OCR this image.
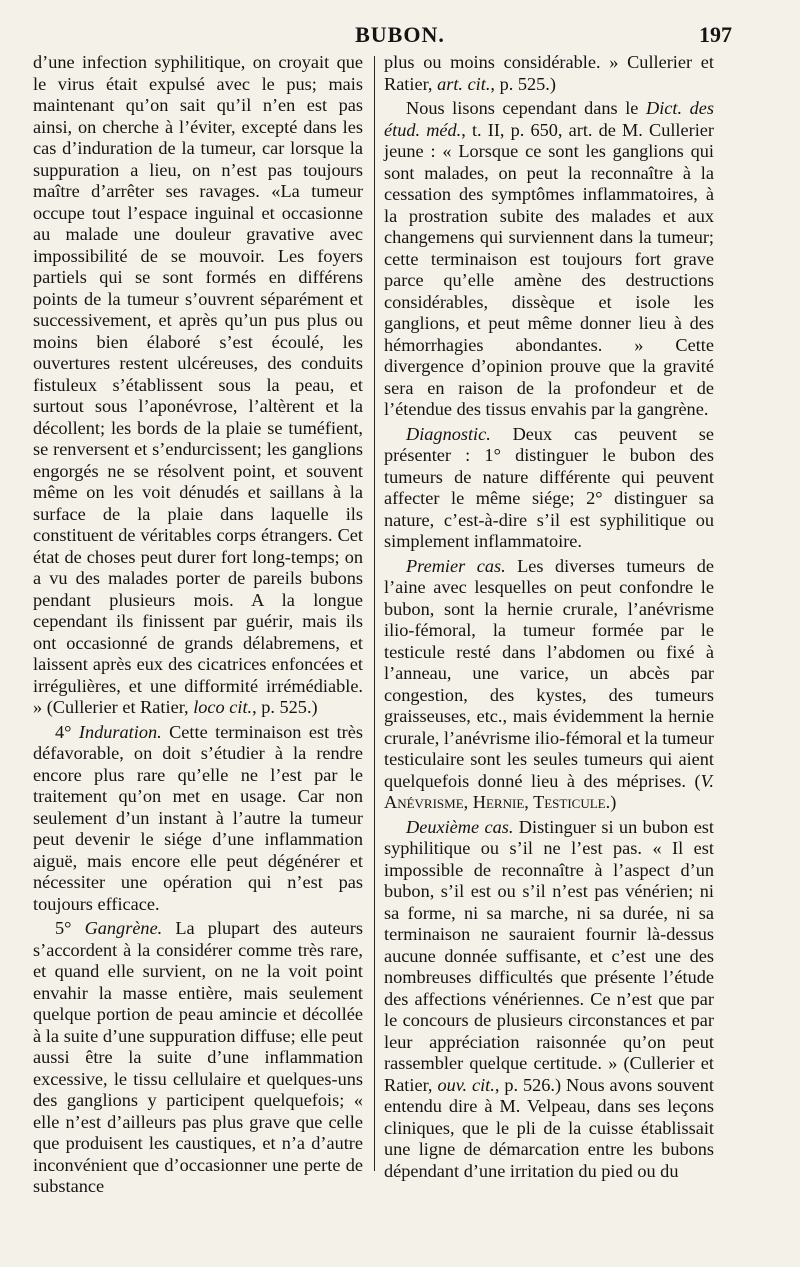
BUBON.	197

d’une infection syphilitique, on croyait que le virus était expulsé avec le pus; mais maintenant qu’on sait qu’il n’en est pas ainsi, on cherche à l’éviter, excepté dans les cas d’induration de la tumeur, car lorsque la suppuration a lieu, on n’est pas toujours maître d’arrêter ses ravages. «La tumeur occupe tout l’espace inguinal et occasionne au malade une douleur gravative avec impossibilité de se mouvoir. Les foyers partiels qui se sont formés en différens points de la tumeur s’ouvrent séparément et successivement, et après qu’un pus plus ou moins bien élaboré s’est écoulé, les ouvertures restent ulcéreuses, des conduits fistuleux s’établissent sous la peau, et surtout sous l’aponévrose, l’altèrent et la décollent; les bords de la plaie se tuméfient, se renversent et s’endurcissent; les ganglions engorgés ne se résolvent point, et souvent même on les voit dénudés et saillans à la surface de la plaie dans laquelle ils constituent de véritables corps étrangers. Cet état de choses peut durer fort long-temps; on a vu des malades porter de pareils bubons pendant plusieurs mois. A la longue cependant ils finissent par guérir, mais ils ont occasionné de grands délabremens, et laissent après eux des cicatrices enfoncées et irrégulières, et une difformité irrémédiable. » (Cullerier et Ratier, loco cit., p. 525.)

4° Induration. Cette terminaison est très défavorable, on doit s’étudier à la rendre encore plus rare qu’elle ne l’est par le traitement qu’on met en usage. Car non seulement d’un instant à l’autre la tumeur peut devenir le siége d’une inflammation aiguë, mais encore elle peut dégénérer et nécessiter une opération qui n’est pas toujours efficace.

5° Gangrène. La plupart des auteurs s’accordent à la considérer comme très rare, et quand elle survient, on ne la voit point envahir la masse entière, mais seulement quelque portion de peau amincie et décollée à la suite d’une suppuration diffuse; elle peut aussi être la suite d’une inflammation excessive, le tissu cellulaire et quelques-uns des ganglions y participent quelquefois; « elle n’est d’ailleurs pas plus grave que celle que produisent les caustiques, et n’a d’autre inconvénient que d’occasionner une perte de substance

plus ou moins considérable. » Cullerier et Ratier, art. cit., p. 525.)

Nous lisons cependant dans le Dict. des étud. méd., t. II, p. 650, art. de M. Cullerier jeune : « Lorsque ce sont les ganglions qui sont malades, on peut la reconnaître à la cessation des symptômes inflammatoires, à la prostration subite des malades et aux changemens qui surviennent dans la tumeur; cette terminaison est toujours fort grave parce qu’elle amène des destructions considérables, dissèque et isole les ganglions, et peut même donner lieu à des hémorrhagies abondantes. » Cette divergence d’opinion prouve que la gravité sera en raison de la profondeur et de l’étendue des tissus envahis par la gangrène.

Diagnostic. Deux cas peuvent se présenter : 1° distinguer le bubon des tumeurs de nature différente qui peuvent affecter le même siége; 2° distinguer sa nature, c’est-à-dire s’il est syphilitique ou simplement inflammatoire.

Premier cas. Les diverses tumeurs de l’aine avec lesquelles on peut confondre le bubon, sont la hernie crurale, l’anévrisme ilio-fémoral, la tumeur formée par le testicule resté dans l’abdomen ou fixé à l’anneau, une varice, un abcès par congestion, des kystes, des tumeurs graisseuses, etc., mais évidemment la hernie crurale, l’anévrisme ilio-fémoral et la tumeur testiculaire sont les seules tumeurs qui aient quelquefois donné lieu à des méprises. (V. Anévrisme, Hernie, Testicule.)

Deuxième cas. Distinguer si un bubon est syphilitique ou s’il ne l’est pas. « Il est impossible de reconnaître à l’aspect d’un bubon, s’il est ou s’il n’est pas vénérien; ni sa forme, ni sa marche, ni sa durée, ni sa terminaison ne sauraient fournir là-dessus aucune donnée suffisante, et c’est une des nombreuses difficultés que présente l’étude des affections vénériennes. Ce n’est que par le concours de plusieurs circonstances et par leur appréciation raisonnée qu’on peut rassembler quelque certitude. » (Cullerier et Ratier, ouv. cit., p. 526.) Nous avons souvent entendu dire à M. Velpeau, dans ses leçons cliniques, que le pli de la cuisse établissait une ligne de démarcation entre les bubons dépendant d’une irritation du pied ou du
